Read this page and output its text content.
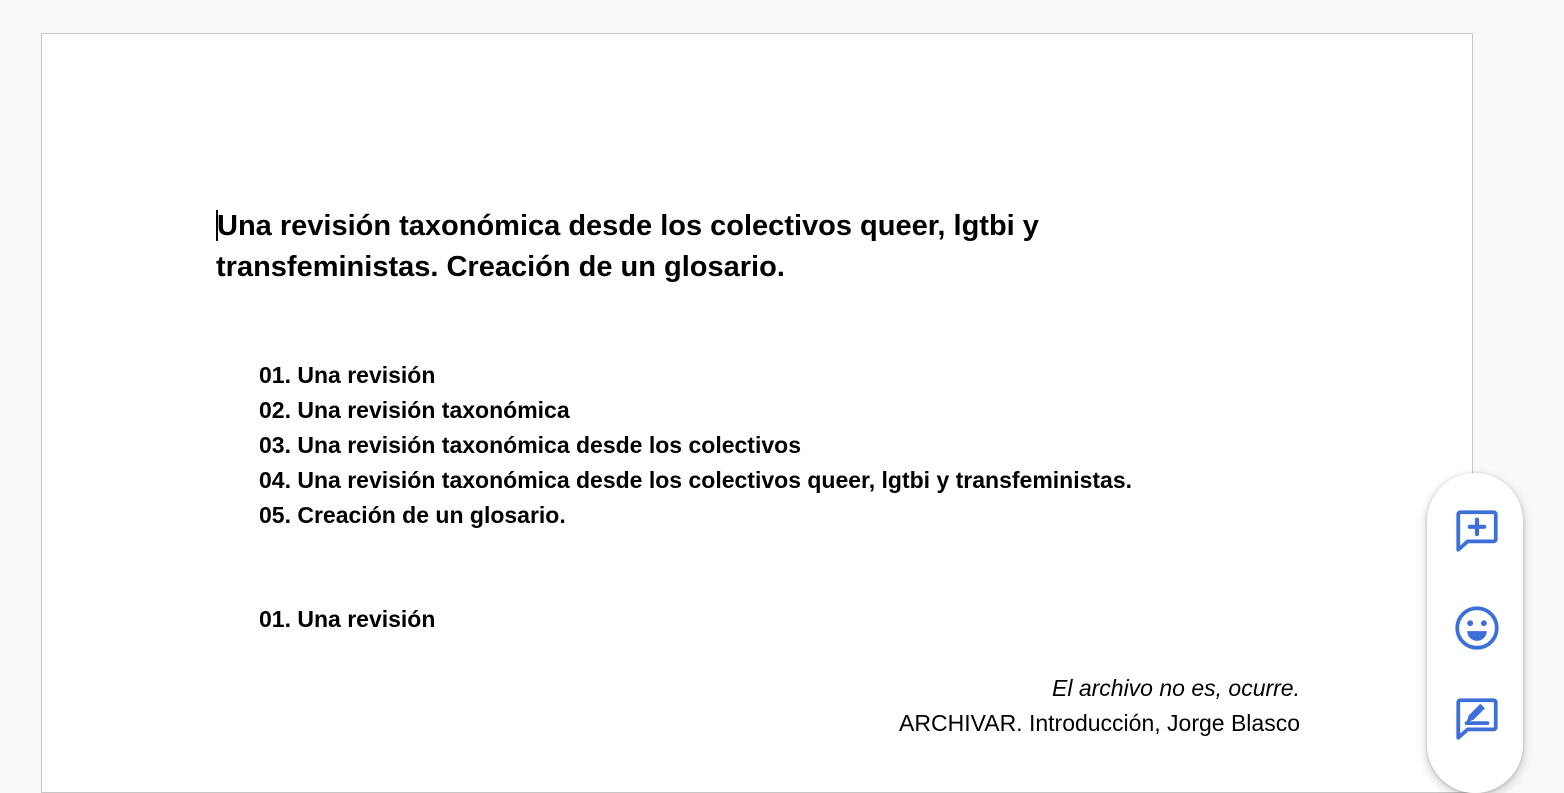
Una revisión taxonómica desde los colectivos queer, lgtbi y transfeministas. Creación de un glosario.
01. Una revisión
02. Una revisión taxonómica
03. Una revisión taxonómica desde los colectivos
04. Una revisión taxonómica desde los colectivos queer, lgtbi y transfeministas.
05. Creación de un glosario.
01. Una revisión
El archivo no es, ocurre.
ARCHIVAR. Introducción, Jorge Blasco
